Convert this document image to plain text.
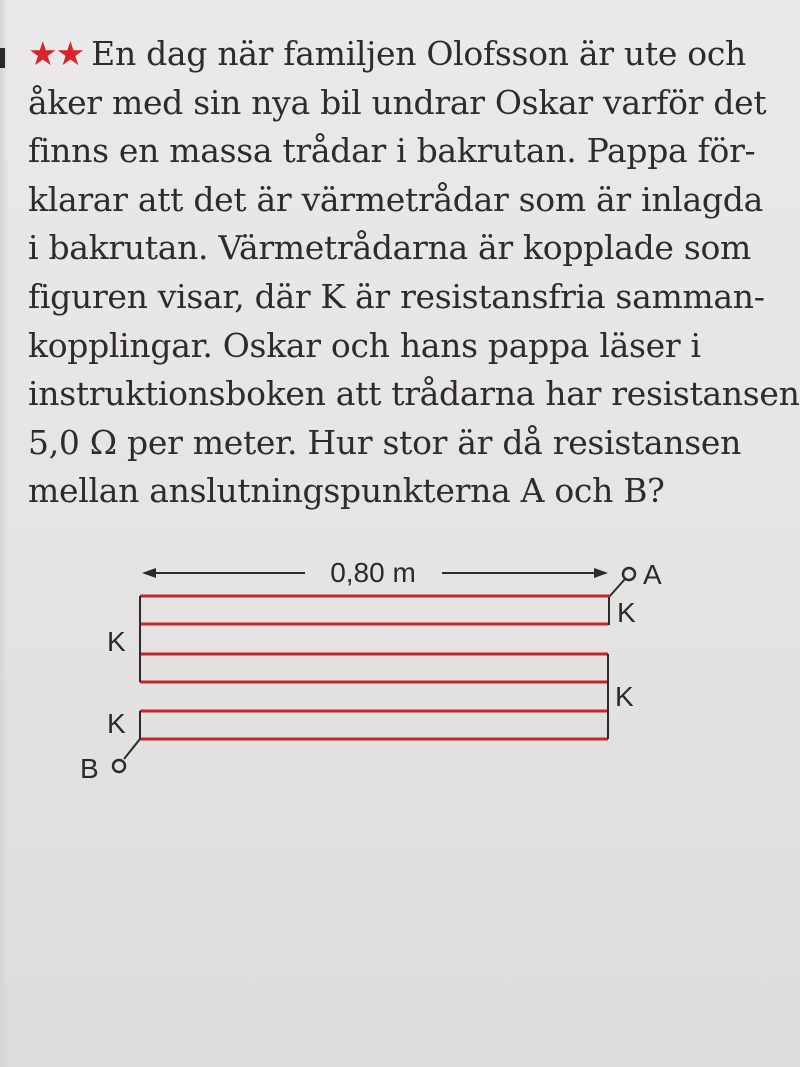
★★ En dag när familjen Olofsson är ute och
åker med sin nya bil undrar Oskar varför det
finns en massa trådar i bakrutan. Pappa för-
klarar att det är värmetrådar som är inlagda
i bakrutan. Värmetrådarna är kopplade som
figuren visar, där K är resistansfria samman-
kopplingar. Oskar och hans pappa läser i
instruktionsboken att trådarna har resistansen
5,0 Ω per meter. Hur stor är då resistansen
mellan anslutningspunkterna A och B?
0,80 m	A
K
K
K
K
B
